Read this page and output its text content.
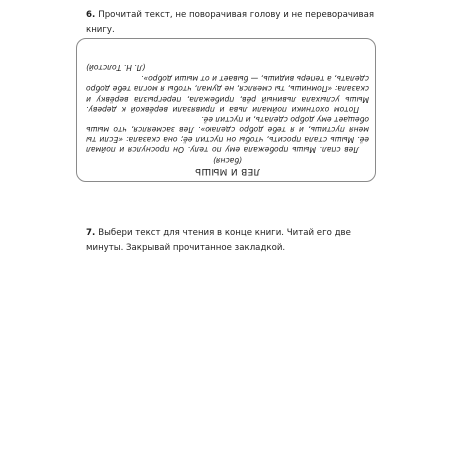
6. Прочитай текст, не поворачивая голову и не переворачивая книгу.
ЛЕВ И МЫШЬ
(басня)

Лев спал. Мышь пробежала ему по телу. Он проснулся и поймал её. Мышь стала просить, чтобы он пустил её; она сказала: «Если ты меня пустишь, и я тебе добро сделаю». Лев засмеялся, что мышь обещает ему добро сделать, и пустил её.

Потом охотники поймали льва и привязали верёвкой к дереву. Мышь услыхала львиный рёв, прибежала, перегрызла верёвку и сказала: «Помнишь, ты смеялся, не думал, чтобы я могла тебе добро сделать, а теперь видишь, — бывает и от мыши добро».

(Л. Н. Толстой)
7. Выбери текст для чтения в конце книги. Читай его две минуты. Закрывай прочитанное закладкой.
